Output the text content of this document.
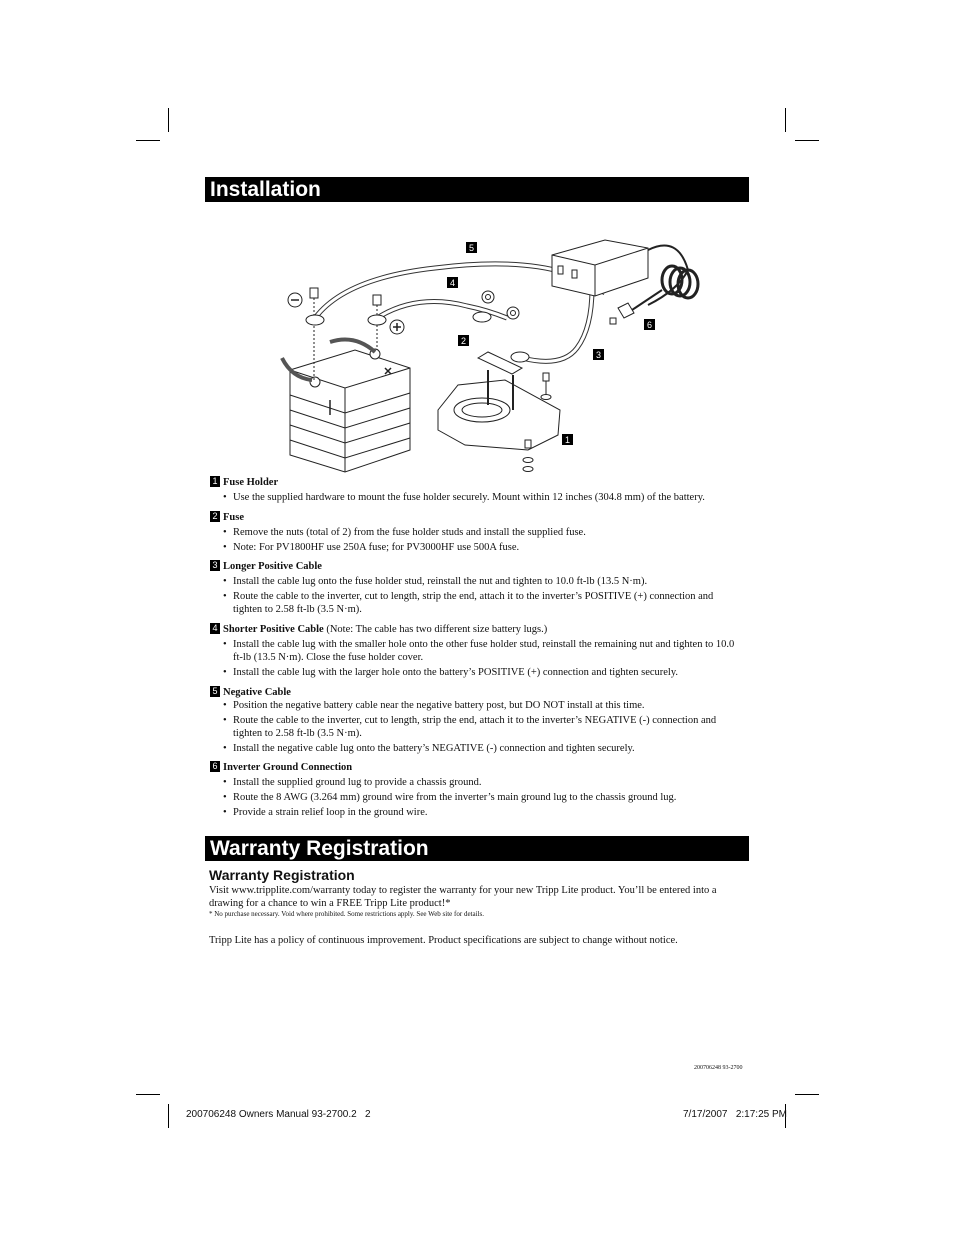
Installation
5
4
2
3
6
1
1 Fuse Holder
• Use the supplied hardware to mount the fuse holder securely. Mount within 12 inches (304.8 mm) of the battery.
2 Fuse
• Remove the nuts (total of 2) from the fuse holder studs and install the supplied fuse.
• Note: For PV1800HF use 250A fuse; for PV3000HF use 500A fuse.
3 Longer Positive Cable
• Install the cable lug onto the fuse holder stud, reinstall the nut and tighten to 10.0 ft-lb (13.5 N·m).
• Route the cable to the inverter, cut to length, strip the end, attach it to the inverter’s POSITIVE (+) connection and tighten to 2.58 ft-lb (3.5 N·m).
4 Shorter Positive Cable (Note: The cable has two different size battery lugs.)
• Install the cable lug with the smaller hole onto the other fuse holder stud, reinstall the remaining nut and tighten to 10.0 ft-lb (13.5 N·m). Close the fuse holder cover.
• Install the cable lug with the larger hole onto the battery’s POSITIVE (+) connection and tighten securely.
5 Negative Cable
• Position the negative battery cable near the negative battery post, but DO NOT install at this time.
• Route the cable to the inverter, cut to length, strip the end, attach it to the inverter’s NEGATIVE (-) connection and tighten to 2.58 ft-lb (3.5 N·m).
• Install the negative cable lug onto the battery’s NEGATIVE (-) connection and tighten securely.
6 Inverter Ground Connection
• Install the supplied ground lug to provide a chassis ground.
• Route the 8 AWG (3.264 mm) ground wire from the inverter’s main ground lug to the chassis ground lug.
• Provide a strain relief loop in the ground wire.
Warranty Registration
Warranty Registration
Visit www.tripplite.com/warranty today to register the warranty for your new Tripp Lite product. You’ll be entered into a drawing for a chance to win a FREE Tripp Lite product!*
* No purchase necessary. Void where prohibited. Some restrictions apply. See Web site for details.
Tripp Lite has a policy of continuous improvement. Product specifications are subject to change without notice.
200706248 93-2700
200706248 Owners Manual 93-2700.2   2	7/17/2007   2:17:25 PM
